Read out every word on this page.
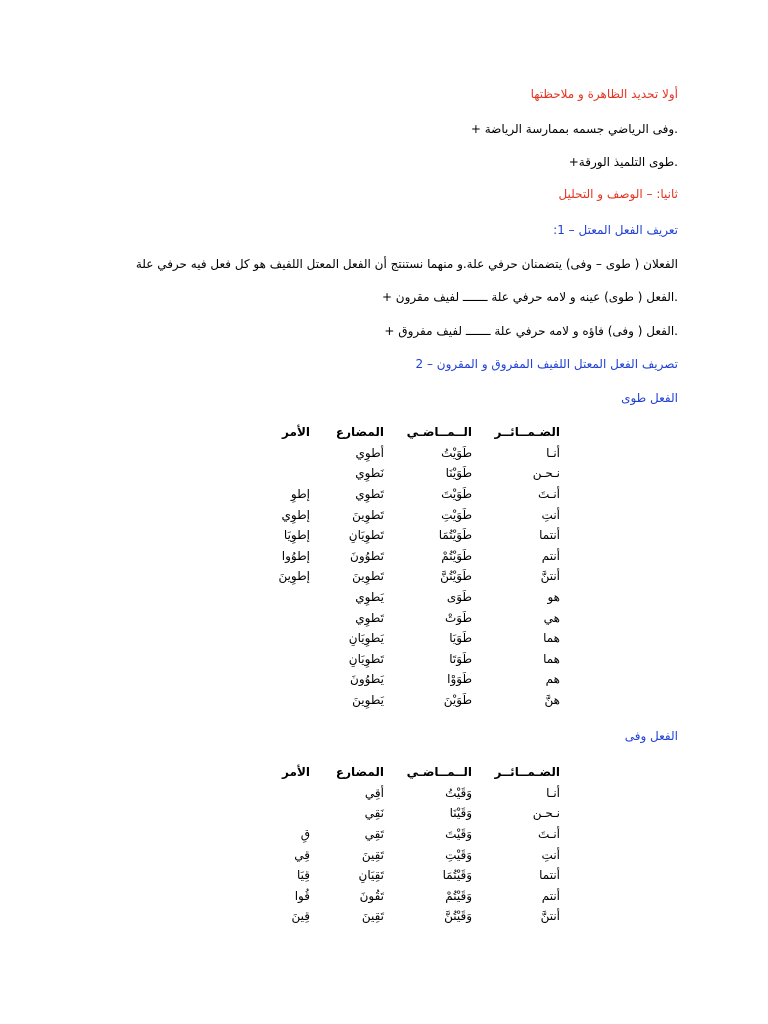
أولا تحديد الظاهرة و ملاحظتها
.وفى الرياضي جسمه بممارسة الرياضة +
.طوى التلميذ الورقة+
ثانيا: – الوصف و التحليل
تعريف الفعل المعتل – 1:
الفعلان ( طوى – وفى) يتضمنان حرفي علة.و منهما نستنتج أن الفعل المعتل اللفيف هو كل فعل فيه حرفي علة
.الفعل ( طوى) عينه و لامه حرفي علة ـــــــ لفيف مقرون +
.الفعل ( وفى) فاؤه و لامه حرفي علة ـــــــ لفيف مفروق +
تصريف الفعل المعتل اللفيف المفروق و المقرون – 2
الفعل طوى
الضـمــائــر	الــمــاضـي	المضارع	الأمر
أنـا	طَوَيْتُ	أطوِي	
نـحـن	طَوَيْنَا	نَطوِي	
أنـتَ	طَوَيْتَ	تَطوِي	إطوِ
أنتِ	طَوَيْتِ	تَطوِينَ	إطوِي
أنتما	طَوَيْتُمَا	تَطوِيَانِ	إطوِيَا
أنتم	طَوَيْتُمْ	تَطوُونَ	إطوُوا
أنتنَّ	طَوَيْتُنَّ	تَطوِينَ	إطوِينَ
هو	طَوَى	يَطوِي	
هي	طَوَتْ	تَطوِي	
هما	طَوَيَا	يَطوِيَانِ	
هما	طَوَتَا	تَطوِيَانِ	
هم	طَوَوْا	يَطوُونَ	
هنَّ	طَوَيْنَ	يَطوِينَ	
الفعل وفى
الضـمــائــر	الــمــاضـي	المضارع	الأمر
أنـا	وَقَيْتُ	أقِي	
نـحـن	وَقَيْنَا	نَقِي	
أنـتَ	وَقَيْتَ	تَقِي	قِ
أنتِ	وَقَيْتِ	تَقِينَ	قِي
أنتما	وَقَيْتُمَا	تَقِيَانِ	قِيَا
أنتم	وَقَيْتُمْ	تَقُونَ	قُوا
أنتنَّ	وَقَيْتُنَّ	تَقِينَ	قِينَ
